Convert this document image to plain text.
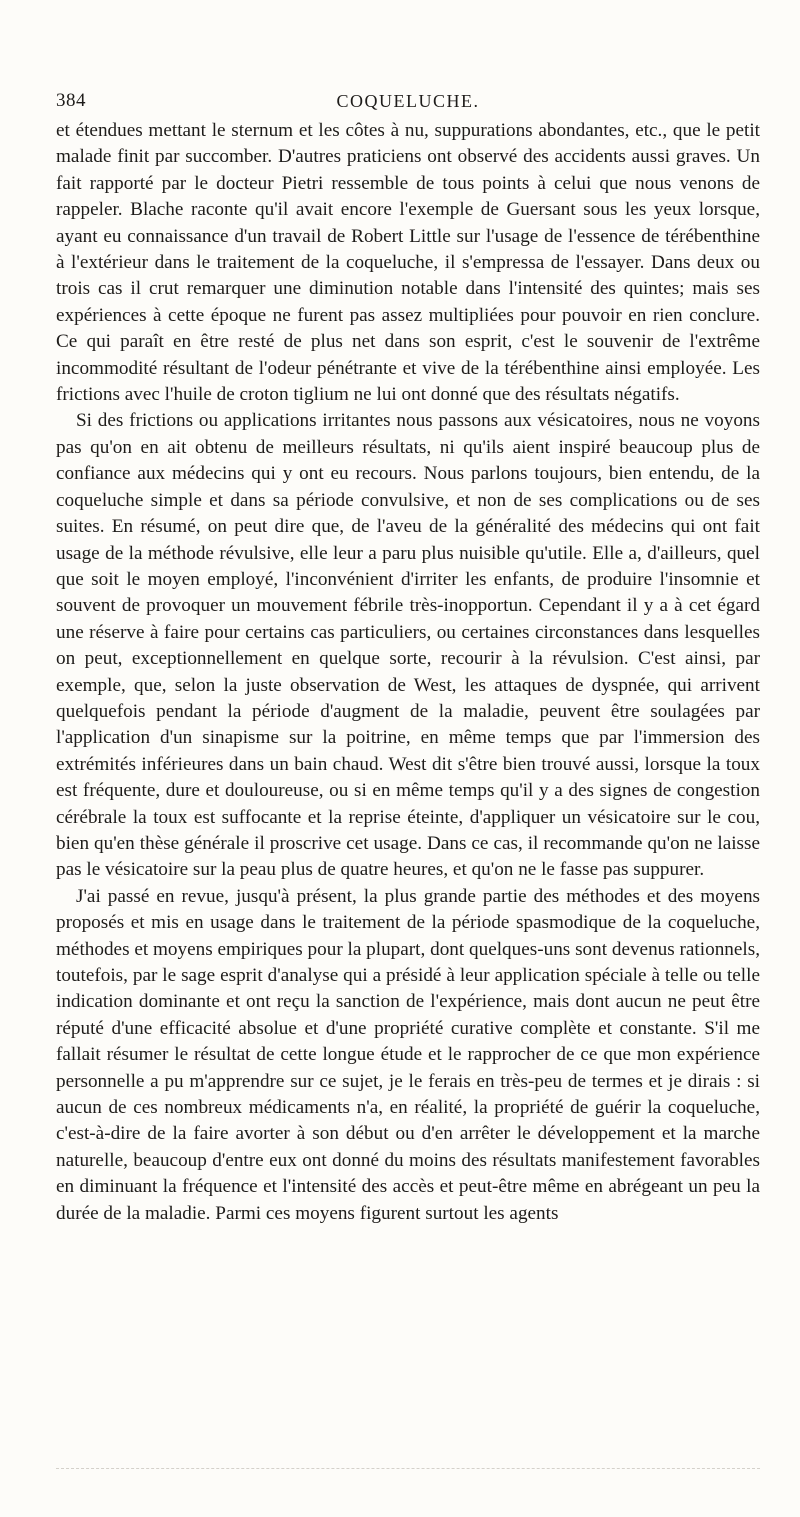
384	COQUELUCHE.

et étendues mettant le sternum et les côtes à nu, suppurations abondantes, etc., que le petit malade finit par succomber. D'autres praticiens ont observé des accidents aussi graves. Un fait rapporté par le docteur Pietri ressemble de tous points à celui que nous venons de rappeler. Blache raconte qu'il avait encore l'exemple de Guersant sous les yeux lorsque, ayant eu connaissance d'un travail de Robert Little sur l'usage de l'essence de térébenthine à l'extérieur dans le traitement de la coqueluche, il s'empressa de l'essayer. Dans deux ou trois cas il crut remarquer une diminution notable dans l'intensité des quintes; mais ses expériences à cette époque ne furent pas assez multipliées pour pouvoir en rien conclure. Ce qui paraît en être resté de plus net dans son esprit, c'est le souvenir de l'extrême incommodité résultant de l'odeur pénétrante et vive de la térébenthine ainsi employée. Les frictions avec l'huile de croton tiglium ne lui ont donné que des résultats négatifs.

Si des frictions ou applications irritantes nous passons aux vésicatoires, nous ne voyons pas qu'on en ait obtenu de meilleurs résultats, ni qu'ils aient inspiré beaucoup plus de confiance aux médecins qui y ont eu recours. Nous parlons toujours, bien entendu, de la coqueluche simple et dans sa période convulsive, et non de ses complications ou de ses suites. En résumé, on peut dire que, de l'aveu de la généralité des médecins qui ont fait usage de la méthode révulsive, elle leur a paru plus nuisible qu'utile. Elle a, d'ailleurs, quel que soit le moyen employé, l'inconvénient d'irriter les enfants, de produire l'insomnie et souvent de provoquer un mouvement fébrile très-inopportun. Cependant il y a à cet égard une réserve à faire pour certains cas particuliers, ou certaines circonstances dans lesquelles on peut, exceptionnellement en quelque sorte, recourir à la révulsion. C'est ainsi, par exemple, que, selon la juste observation de West, les attaques de dyspnée, qui arrivent quelquefois pendant la période d'augment de la maladie, peuvent être soulagées par l'application d'un sinapisme sur la poitrine, en même temps que par l'immersion des extrémités inférieures dans un bain chaud. West dit s'être bien trouvé aussi, lorsque la toux est fréquente, dure et douloureuse, ou si en même temps qu'il y a des signes de congestion cérébrale la toux est suffocante et la reprise éteinte, d'appliquer un vésicatoire sur le cou, bien qu'en thèse générale il proscrive cet usage. Dans ce cas, il recommande qu'on ne laisse pas le vésicatoire sur la peau plus de quatre heures, et qu'on ne le fasse pas suppurer.

J'ai passé en revue, jusqu'à présent, la plus grande partie des méthodes et des moyens proposés et mis en usage dans le traitement de la période spasmodique de la coqueluche, méthodes et moyens empiriques pour la plupart, dont quelques-uns sont devenus rationnels, toutefois, par le sage esprit d'analyse qui a présidé à leur application spéciale à telle ou telle indication dominante et ont reçu la sanction de l'expérience, mais dont aucun ne peut être réputé d'une efficacité absolue et d'une propriété curative complète et constante. S'il me fallait résumer le résultat de cette longue étude et le rapprocher de ce que mon expérience personnelle a pu m'apprendre sur ce sujet, je le ferais en très-peu de termes et je dirais : si aucun de ces nombreux médicaments n'a, en réalité, la propriété de guérir la coqueluche, c'est-à-dire de la faire avorter à son début ou d'en arrêter le développement et la marche naturelle, beaucoup d'entre eux ont donné du moins des résultats manifestement favorables en diminuant la fréquence et l'intensité des accès et peut-être même en abrégeant un peu la durée de la maladie. Parmi ces moyens figurent surtout les agents
